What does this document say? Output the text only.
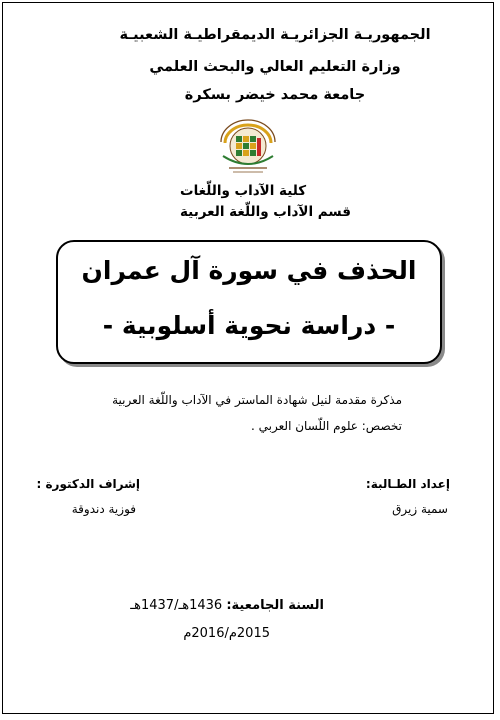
الجمهوريـة الجزائريـة الديمقراطيـة الشعبيـة
وزارة التعليم العالي والبحث العلمي
جامعة محمد خيضر بسكرة
كلية الآداب واللّغات
قسم الآداب واللّغة العربية
الحذف في سورة آل عمران
- دراسة نحوية أسلوبية -
مذكرة مقدمة لنيل شهادة الماستر في الآداب واللّغة العربية
تخصص: علوم اللّسان العربي .
إعداد الطـالبة:
سمية زيرق
إشراف الدكتورة :
فوزية دندوقة
السنة الجامعية: 1436هـ/1437هـ
2015م/2016م
